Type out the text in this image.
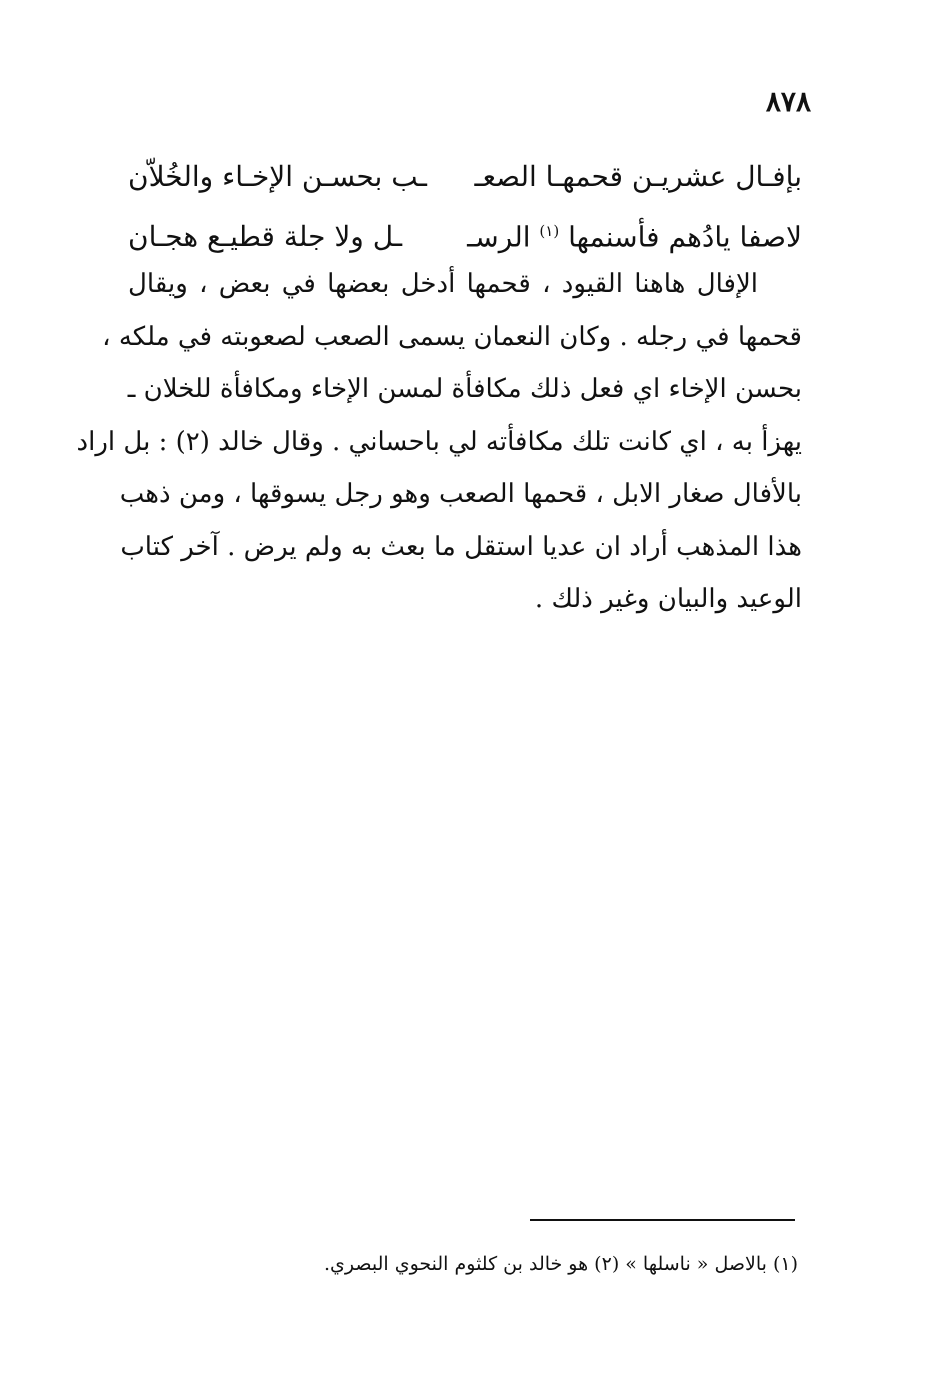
٨٧٨
بإفـال عشريـن قحمهـا الصعـ
ـب بحسـن الإخـاء والخُلاّن
لاصفا يادُهم فأسنمها $^{(١)}$ الرسـ
ـل ولا جلة قطيـع هجـان
الإفال هاهنا القيود ، قحمها أدخل بعضها في بعض ، ويقال
قحمها في رجله . وكان النعمان يسمى الصعب لصعوبته في ملكه ،
بحسن الإخاء اي فعل ذلك مكافأة لمسن الإخاء ومكافأة للخلان ـ
يهزأ به ، اي كانت تلك مكافأته لي باحساني . وقال خالد (٢) : بل اراد
بالأفال صغار الابل ، قحمها الصعب وهو رجل يسوقها ، ومن ذهب
هذا المذهب أراد ان عديا استقل ما بعث به ولم يرض . آخر كتاب
الوعيد والبيان وغير ذلك .
(١) بالاصل « ناسلها » (٢) هو خالد بن كلثوم النحوي البصري.
